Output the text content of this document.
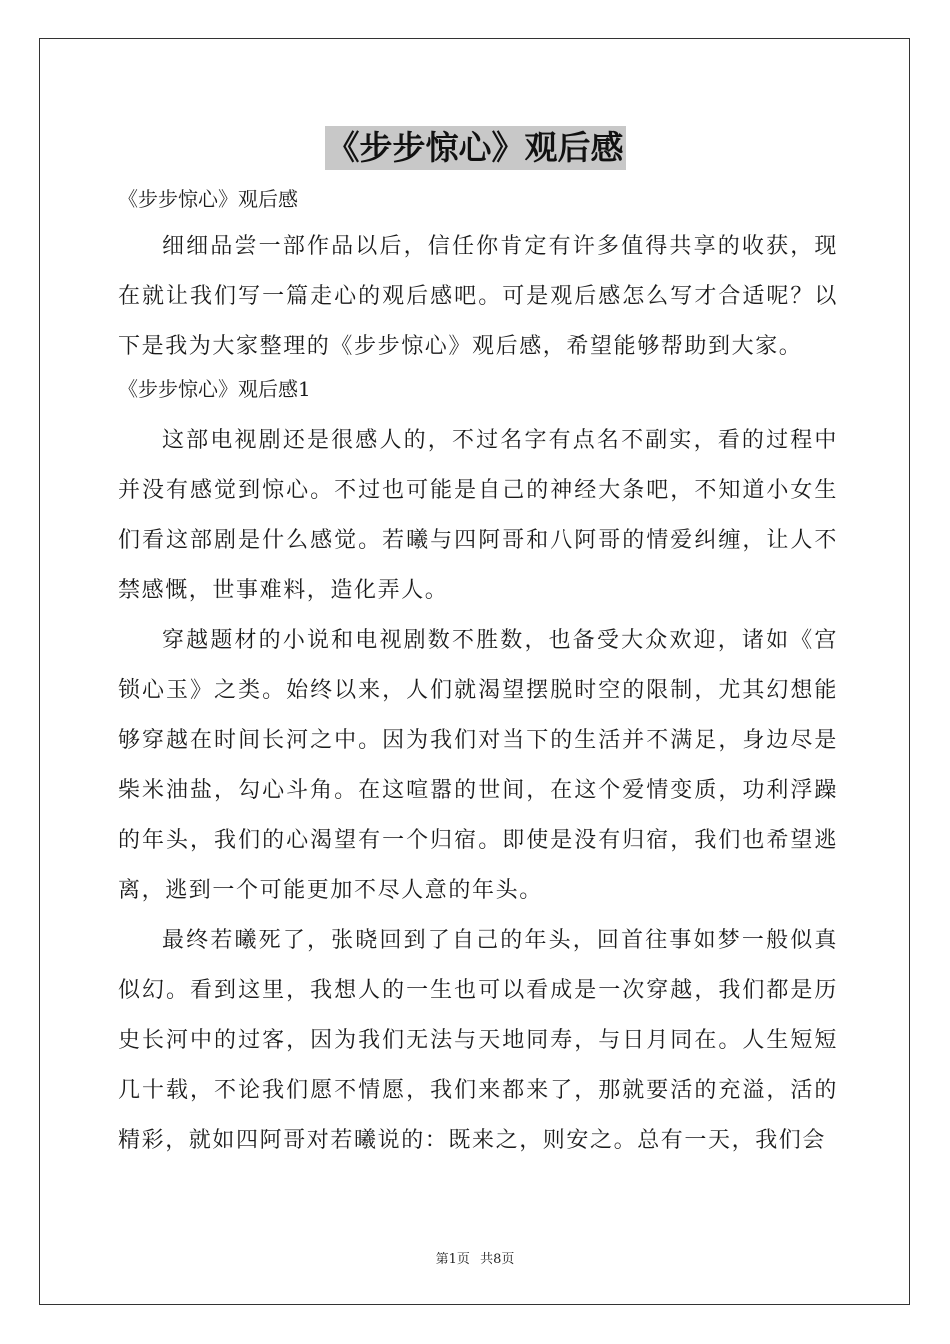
《步步惊心》观后感

《步步惊心》观后感

细细品尝一部作品以后，信任你肯定有许多值得共享的收获，现在就让我们写一篇走心的观后感吧。可是观后感怎么写才合适呢？以下是我为大家整理的《步步惊心》观后感，希望能够帮助到大家。

《步步惊心》观后感1

这部电视剧还是很感人的，不过名字有点名不副实，看的过程中并没有感觉到惊心。不过也可能是自己的神经大条吧，不知道小女生们看这部剧是什么感觉。若曦与四阿哥和八阿哥的情爱纠缠，让人不禁感慨，世事难料，造化弄人。

穿越题材的小说和电视剧数不胜数，也备受大众欢迎，诸如《宫锁心玉》之类。始终以来，人们就渴望摆脱时空的限制，尤其幻想能够穿越在时间长河之中。因为我们对当下的生活并不满足，身边尽是柴米油盐，勾心斗角。在这喧嚣的世间，在这个爱情变质，功利浮躁的年头，我们的心渴望有一个归宿。即使是没有归宿，我们也希望逃离，逃到一个可能更加不尽人意的年头。

最终若曦死了，张晓回到了自己的年头，回首往事如梦一般似真似幻。看到这里，我想人的一生也可以看成是一次穿越，我们都是历史长河中的过客，因为我们无法与天地同寿，与日月同在。人生短短几十载，不论我们愿不情愿，我们来都来了，那就要活的充溢，活的精彩，就如四阿哥对若曦说的：既来之，则安之。总有一天，我们会

第1页 共8页
